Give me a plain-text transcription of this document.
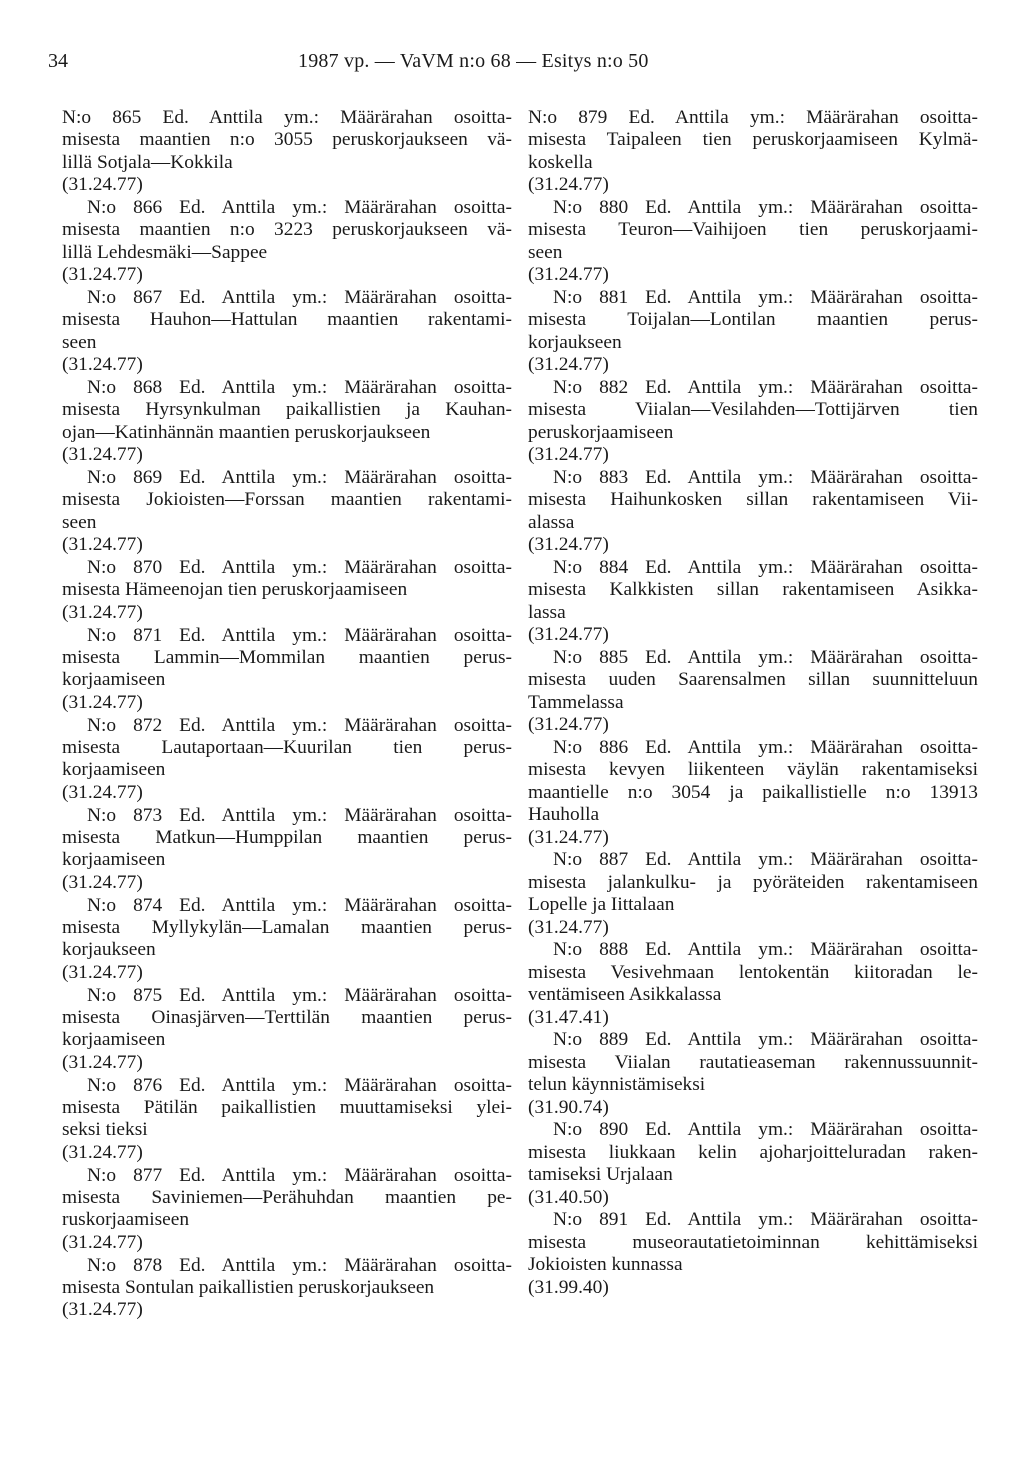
34	1987 vp. — VaVM n:o 68 — Esitys n:o 50
N:o 865 Ed. Anttila ym.: Määrärahan osoitta-
misesta maantien n:o 3055 peruskorjaukseen vä-
lillä Sotjala—Kokkila
(31.24.77)
N:o 866 Ed. Anttila ym.: Määrärahan osoitta-
misesta maantien n:o 3223 peruskorjaukseen vä-
lillä Lehdesmäki—Sappee
(31.24.77)
N:o 867 Ed. Anttila ym.: Määrärahan osoitta-
misesta Hauhon—Hattulan maantien rakentami-
seen
(31.24.77)
N:o 868 Ed. Anttila ym.: Määrärahan osoitta-
misesta Hyrsynkulman paikallistien ja Kauhan-
ojan—Katinhännän maantien peruskorjaukseen
(31.24.77)
N:o 869 Ed. Anttila ym.: Määrärahan osoitta-
misesta Jokioisten—Forssan maantien rakentami-
seen
(31.24.77)
N:o 870 Ed. Anttila ym.: Määrärahan osoitta-
misesta Hämeenojan tien peruskorjaamiseen
(31.24.77)
N:o 871 Ed. Anttila ym.: Määrärahan osoitta-
misesta Lammin—Mommilan maantien perus-
korjaamiseen
(31.24.77)
N:o 872 Ed. Anttila ym.: Määrärahan osoitta-
misesta Lautaportaan—Kuurilan tien perus-
korjaamiseen
(31.24.77)
N:o 873 Ed. Anttila ym.: Määrärahan osoitta-
misesta Matkun—Humppilan maantien perus-
korjaamiseen
(31.24.77)
N:o 874 Ed. Anttila ym.: Määrärahan osoitta-
misesta Myllykylän—Lamalan maantien perus-
korjaukseen
(31.24.77)
N:o 875 Ed. Anttila ym.: Määrärahan osoitta-
misesta Oinasjärven—Terttilän maantien perus-
korjaamiseen
(31.24.77)
N:o 876 Ed. Anttila ym.: Määrärahan osoitta-
misesta Pätilän paikallistien muuttamiseksi ylei-
seksi tieksi
(31.24.77)
N:o 877 Ed. Anttila ym.: Määrärahan osoitta-
misesta Saviniemen—Perähuhdan maantien pe-
ruskorjaamiseen
(31.24.77)
N:o 878 Ed. Anttila ym.: Määrärahan osoitta-
misesta Sontulan paikallistien peruskorjaukseen
(31.24.77)
N:o 879 Ed. Anttila ym.: Määrärahan osoitta-
misesta Taipaleen tien peruskorjaamiseen Kylmä-
koskella
(31.24.77)
N:o 880 Ed. Anttila ym.: Määrärahan osoitta-
misesta Teuron—Vaihijoen tien peruskorjaami-
seen
(31.24.77)
N:o 881 Ed. Anttila ym.: Määrärahan osoitta-
misesta Toijalan—Lontilan maantien perus-
korjaukseen
(31.24.77)
N:o 882 Ed. Anttila ym.: Määrärahan osoitta-
misesta Viialan—Vesilahden—Tottijärven tien
peruskorjaamiseen
(31.24.77)
N:o 883 Ed. Anttila ym.: Määrärahan osoitta-
misesta Haihunkosken sillan rakentamiseen Vii-
alassa
(31.24.77)
N:o 884 Ed. Anttila ym.: Määrärahan osoitta-
misesta Kalkkisten sillan rakentamiseen Asikka-
lassa
(31.24.77)
N:o 885 Ed. Anttila ym.: Määrärahan osoitta-
misesta uuden Saarensalmen sillan suunnitteluun
Tammelassa
(31.24.77)
N:o 886 Ed. Anttila ym.: Määrärahan osoitta-
misesta kevyen liikenteen väylän rakentamiseksi
maantielle n:o 3054 ja paikallistielle n:o 13913
Hauholla
(31.24.77)
N:o 887 Ed. Anttila ym.: Määrärahan osoitta-
misesta jalankulku- ja pyöräteiden rakentamiseen
Lopelle ja Iittalaan
(31.24.77)
N:o 888 Ed. Anttila ym.: Määrärahan osoitta-
misesta Vesivehmaan lentokentän kiitoradan le-
ventämiseen Asikkalassa
(31.47.41)
N:o 889 Ed. Anttila ym.: Määrärahan osoitta-
misesta Viialan rautatieaseman rakennussuunnit-
telun käynnistämiseksi
(31.90.74)
N:o 890 Ed. Anttila ym.: Määrärahan osoitta-
misesta liukkaan kelin ajoharjoitteluradan raken-
tamiseksi Urjalaan
(31.40.50)
N:o 891 Ed. Anttila ym.: Määrärahan osoitta-
misesta museorautatietoiminnan kehittämiseksi
Jokioisten kunnassa
(31.99.40)
